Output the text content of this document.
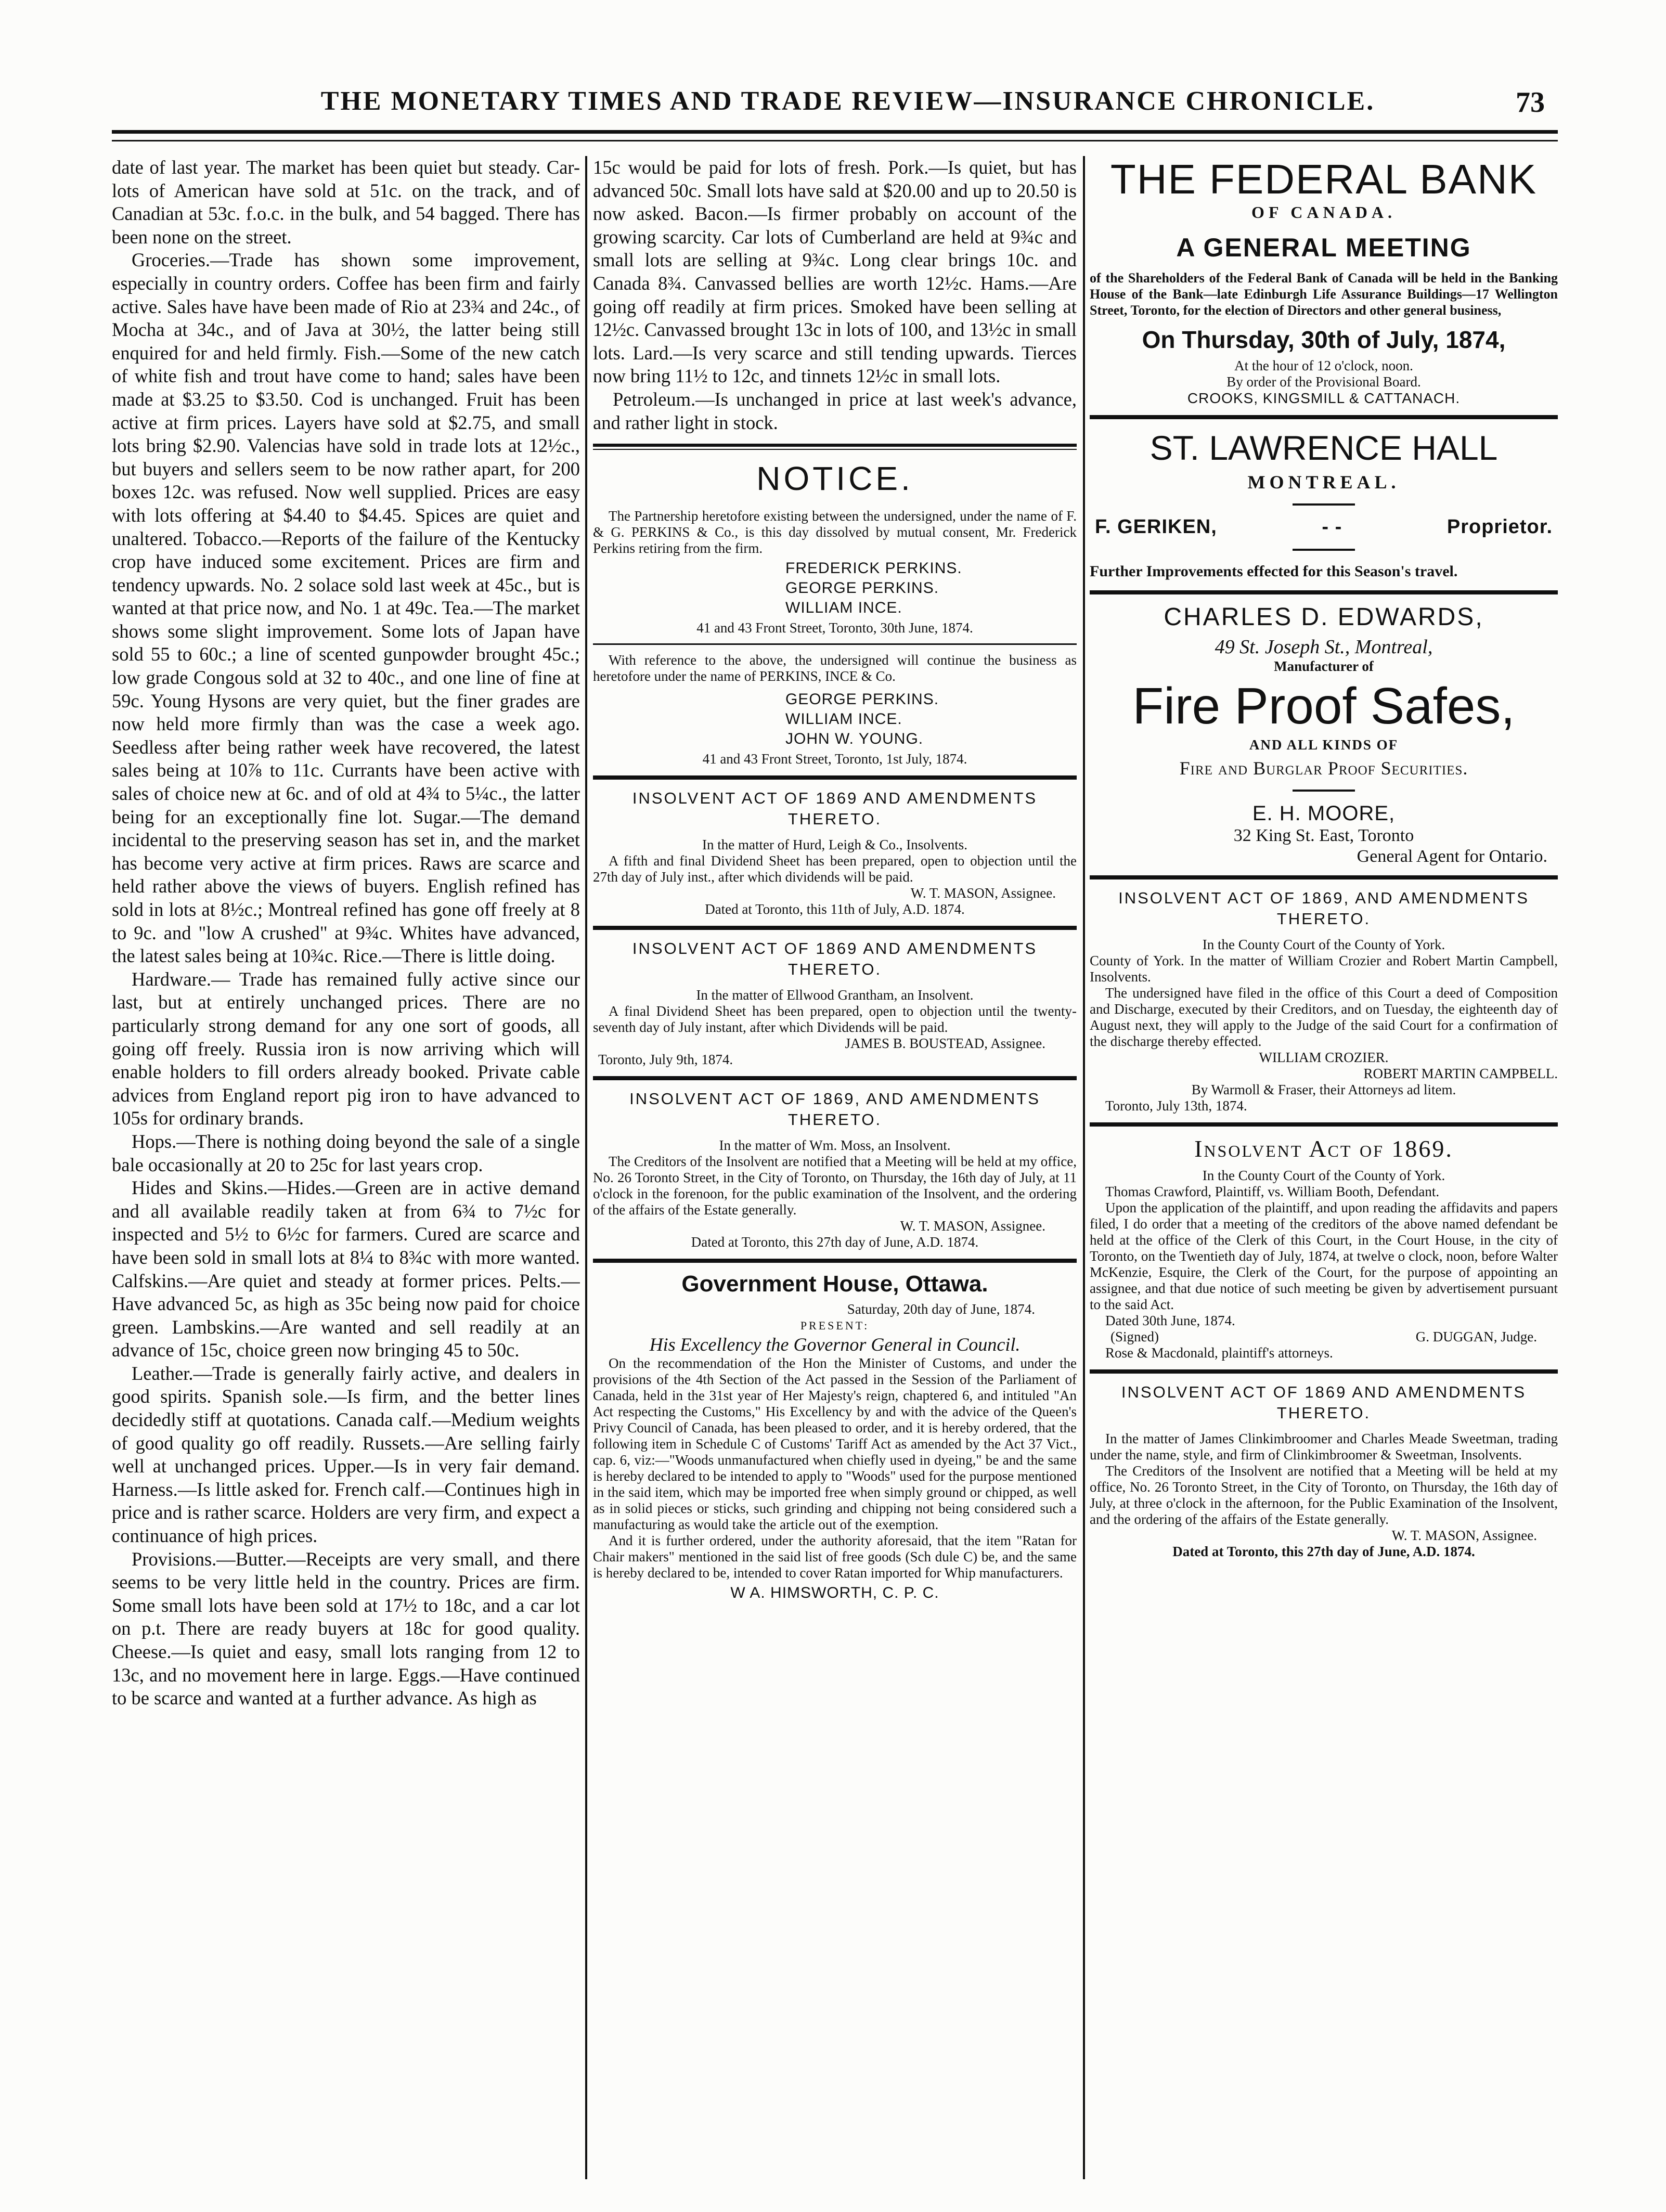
THE MONETARY TIMES AND TRADE REVIEW—INSURANCE CHRONICLE.	73

date of last year. The market has been quiet but steady. Car-lots of American have sold at 51c. on the track, and of Canadian at 53c. f.o.c. in the bulk, and 54 bagged. There has been none on the street.

Groceries.—Trade has shown some improvement, especially in country orders. Coffee has been firm and fairly active. Sales have have been made of Rio at 23¾ and 24c., of Mocha at 34c., and of Java at 30½, the latter being still enquired for and held firmly. Fish.—Some of the new catch of white fish and trout have come to hand; sales have been made at $3.25 to $3.50. Cod is unchanged. Fruit has been active at firm prices. Layers have sold at $2.75, and small lots bring $2.90. Valencias have sold in trade lots at 12½c., but buyers and sellers seem to be now rather apart, for 200 boxes 12c. was refused. Now well supplied. Prices are easy with lots offering at $4.40 to $4.45. Spices are quiet and unaltered. Tobacco.—Reports of the failure of the Kentucky crop have induced some excitement. Prices are firm and tendency upwards. No. 2 solace sold last week at 45c., but is wanted at that price now, and No. 1 at 49c. Tea.—The market shows some slight improvement. Some lots of Japan have sold 55 to 60c.; a line of scented gunpowder brought 45c.; low grade Congous sold at 32 to 40c., and one line of fine at 59c. Young Hysons are very quiet, but the finer grades are now held more firmly than was the case a week ago. Seedless after being rather week have recovered, the latest sales being at 10⅞ to 11c. Currants have been active with sales of choice new at 6c. and of old at 4¾ to 5¼c., the latter being for an exceptionally fine lot. Sugar.—The demand incidental to the preserving season has set in, and the market has become very active at firm prices. Raws are scarce and held rather above the views of buyers. English refined has sold in lots at 8½c.; Montreal refined has gone off freely at 8 to 9c. and "low A crushed" at 9¾c. Whites have advanced, the latest sales being at 10¾c. Rice.—There is little doing.

Hardware.— Trade has remained fully active since our last, but at entirely unchanged prices. There are no particularly strong demand for any one sort of goods, all going off freely. Russia iron is now arriving which will enable holders to fill orders already booked. Private cable advices from England report pig iron to have advanced to 105s for ordinary brands.

Hops.—There is nothing doing beyond the sale of a single bale occasionally at 20 to 25c for last years crop.

Hides and Skins.—Hides.—Green are in active demand and all available readily taken at from 6¾ to 7½c for inspected and 5½ to 6½c for farmers. Cured are scarce and have been sold in small lots at 8¼ to 8¾c with more wanted. Calfskins.—Are quiet and steady at former prices. Pelts.—Have advanced 5c, as high as 35c being now paid for choice green. Lambskins.—Are wanted and sell readily at an advance of 15c, choice green now bringing 45 to 50c.

Leather.—Trade is generally fairly active, and dealers in good spirits. Spanish sole.—Is firm, and the better lines decidedly stiff at quotations. Canada calf.—Medium weights of good quality go off readily. Russets.—Are selling fairly well at unchanged prices. Upper.—Is in very fair demand. Harness.—Is little asked for. French calf.—Continues high in price and is rather scarce. Holders are very firm, and expect a continuance of high prices.

Provisions.—Butter.—Receipts are very small, and there seems to be very little held in the country. Prices are firm. Some small lots have been sold at 17½ to 18c, and a car lot on p.t. There are ready buyers at 18c for good quality. Cheese.—Is quiet and easy, small lots ranging from 12 to 13c, and no movement here in large. Eggs.—Have continued to be scarce and wanted at a further advance. As high as

15c would be paid for lots of fresh. Pork.—Is quiet, but has advanced 50c. Small lots have sald at $20.00 and up to 20.50 is now asked. Bacon.—Is firmer probably on account of the growing scarcity. Car lots of Cumberland are held at 9¾c and small lots are selling at 9¾c. Long clear brings 10c. and Canada 8¾. Canvassed bellies are worth 12½c. Hams.—Are going off readily at firm prices. Smoked have been selling at 12½c. Canvassed brought 13c in lots of 100, and 13½c in small lots. Lard.—Is very scarce and still tending upwards. Tierces now bring 11½ to 12c, and tinnets 12½c in small lots.

Petroleum.—Is unchanged in price at last week's advance, and rather light in stock.

NOTICE.

The Partnership heretofore existing between the undersigned, under the name of F. & G. PERKINS & Co., is this day dissolved by mutual consent, Mr. Frederick Perkins retiring from the firm.

FREDERICK PERKINS.
GEORGE PERKINS.
WILLIAM INCE.
41 and 43 Front Street, Toronto, 30th June, 1874.

With reference to the above, the undersigned will continue the business as heretofore under the name of PERKINS, INCE & Co.

GEORGE PERKINS.
WILLIAM INCE.
JOHN W. YOUNG.
41 and 43 Front Street, Toronto, 1st July, 1874.
INSOLVENT ACT OF 1869 AND AMENDMENTS THERETO.
In the matter of Hurd, Leigh & Co., Insolvents.

A fifth and final Dividend Sheet has been prepared, open to objection until the 27th day of July inst., after which dividends will be paid.

W. T. MASON, Assignee.
Dated at Toronto, this 11th of July, A.D. 1874.
INSOLVENT ACT OF 1869 AND AMENDMENTS THERETO.
In the matter of Ellwood Grantham, an Insolvent.

A final Dividend Sheet has been prepared, open to objection until the twenty-seventh day of July instant, after which Dividends will be paid.

JAMES B. BOUSTEAD, Assignee.
Toronto, July 9th, 1874.
INSOLVENT ACT OF 1869, AND AMENDMENTS THERETO.
In the matter of Wm. Moss, an Insolvent.

The Creditors of the Insolvent are notified that a Meeting will be held at my office, No. 26 Toronto Street, in the City of Toronto, on Thursday, the 16th day of July, at 11 o'clock in the forenoon, for the public examination of the Insolvent, and the ordering of the affairs of the Estate generally.

W. T. MASON, Assignee.
Dated at Toronto, this 27th day of June, A.D. 1874.
Government House, Ottawa.
Saturday, 20th day of June, 1874.
PRESENT:
His Excellency the Governor General in Council.

On the recommendation of the Hon the Minister of Customs, and under the provisions of the 4th Section of the Act passed in the Session of the Parliament of Canada, held in the 31st year of Her Majesty's reign, chaptered 6, and intituled "An Act respecting the Customs," His Excellency by and with the advice of the Queen's Privy Council of Canada, has been pleased to order, and it is hereby ordered, that the following item in Schedule C of Customs' Tariff Act as amended by the Act 37 Vict., cap. 6, viz:—"Woods unmanufactured when chiefly used in dyeing," be and the same is hereby declared to be intended to apply to "Woods" used for the purpose mentioned in the said item, which may be imported free when simply ground or chipped, as well as in solid pieces or sticks, such grinding and chipping not being considered such a manufacturing as would take the article out of the exemption.

And it is further ordered, under the authority aforesaid, that the item "Ratan for Chair makers" mentioned in the said list of free goods (Sch dule C) be, and the same is hereby declared to be, intended to cover Ratan imported for Whip manufacturers.

W A. HIMSWORTH, C. P. C.
THE FEDERAL BANK
OF CANADA.
A GENERAL MEETING
of the Shareholders of the Federal Bank of Canada will be held in the Banking House of the Bank—late Edinburgh Life Assurance Buildings—17 Wellington Street, Toronto, for the election of Directors and other general business,
On Thursday, 30th of July, 1874,
At the hour of 12 o'clock, noon.
By order of the Provisional Board.
CROOKS, KINGSMILL & CATTANACH.
ST. LAWRENCE HALL
MONTREAL.
F. GERIKEN,	- -	Proprietor.
Further Improvements effected for this Season's travel.
CHARLES D. EDWARDS,
49 St. Joseph St., Montreal,
Manufacturer of
Fire Proof Safes,
AND ALL KINDS OF
Fire and Burglar Proof Securities.
E. H. MOORE,
32 King St. East, Toronto
General Agent for Ontario.
INSOLVENT ACT OF 1869, AND AMENDMENTS THERETO.
In the County Court of the County of York.

County of York. In the matter of William Crozier and Robert Martin Campbell, Insolvents.

The undersigned have filed in the office of this Court a deed of Composition and Discharge, executed by their Creditors, and on Tuesday, the eighteenth day of August next, they will apply to the Judge of the said Court for a confirmation of the discharge thereby effected.

WILLIAM CROZIER.
ROBERT MARTIN CAMPBELL.
By Warmoll & Fraser, their Attorneys ad litem.
Toronto, July 13th, 1874.
Insolvent Act of 1869.
In the County Court of the County of York.

Thomas Crawford, Plaintiff, vs. William Booth, Defendant.

Upon the application of the plaintiff, and upon reading the affidavits and papers filed, I do order that a meeting of the creditors of the above named defendant be held at the office of the Clerk of this Court, in the Court House, in the city of Toronto, on the Twentieth day of July, 1874, at twelve o clock, noon, before Walter McKenzie, Esquire, the Clerk of the Court, for the purpose of appointing an assignee, and that due notice of such meeting be given by advertisement pursuant to the said Act.

Dated 30th June, 1874.
(Signed)	G. DUGGAN, Judge.
Rose & Macdonald, plaintiff's attorneys.
INSOLVENT ACT OF 1869 AND AMENDMENTS THERETO.

In the matter of James Clinkimbroomer and Charles Meade Sweetman, trading under the name, style, and firm of Clinkimbroomer & Sweetman, Insolvents.

The Creditors of the Insolvent are notified that a Meeting will be held at my office, No. 26 Toronto Street, in the City of Toronto, on Thursday, the 16th day of July, at three o'clock in the afternoon, for the Public Examination of the Insolvent, and the ordering of the affairs of the Estate generally.

W. T. MASON, Assignee.
Dated at Toronto, this 27th day of June, A.D. 1874.
